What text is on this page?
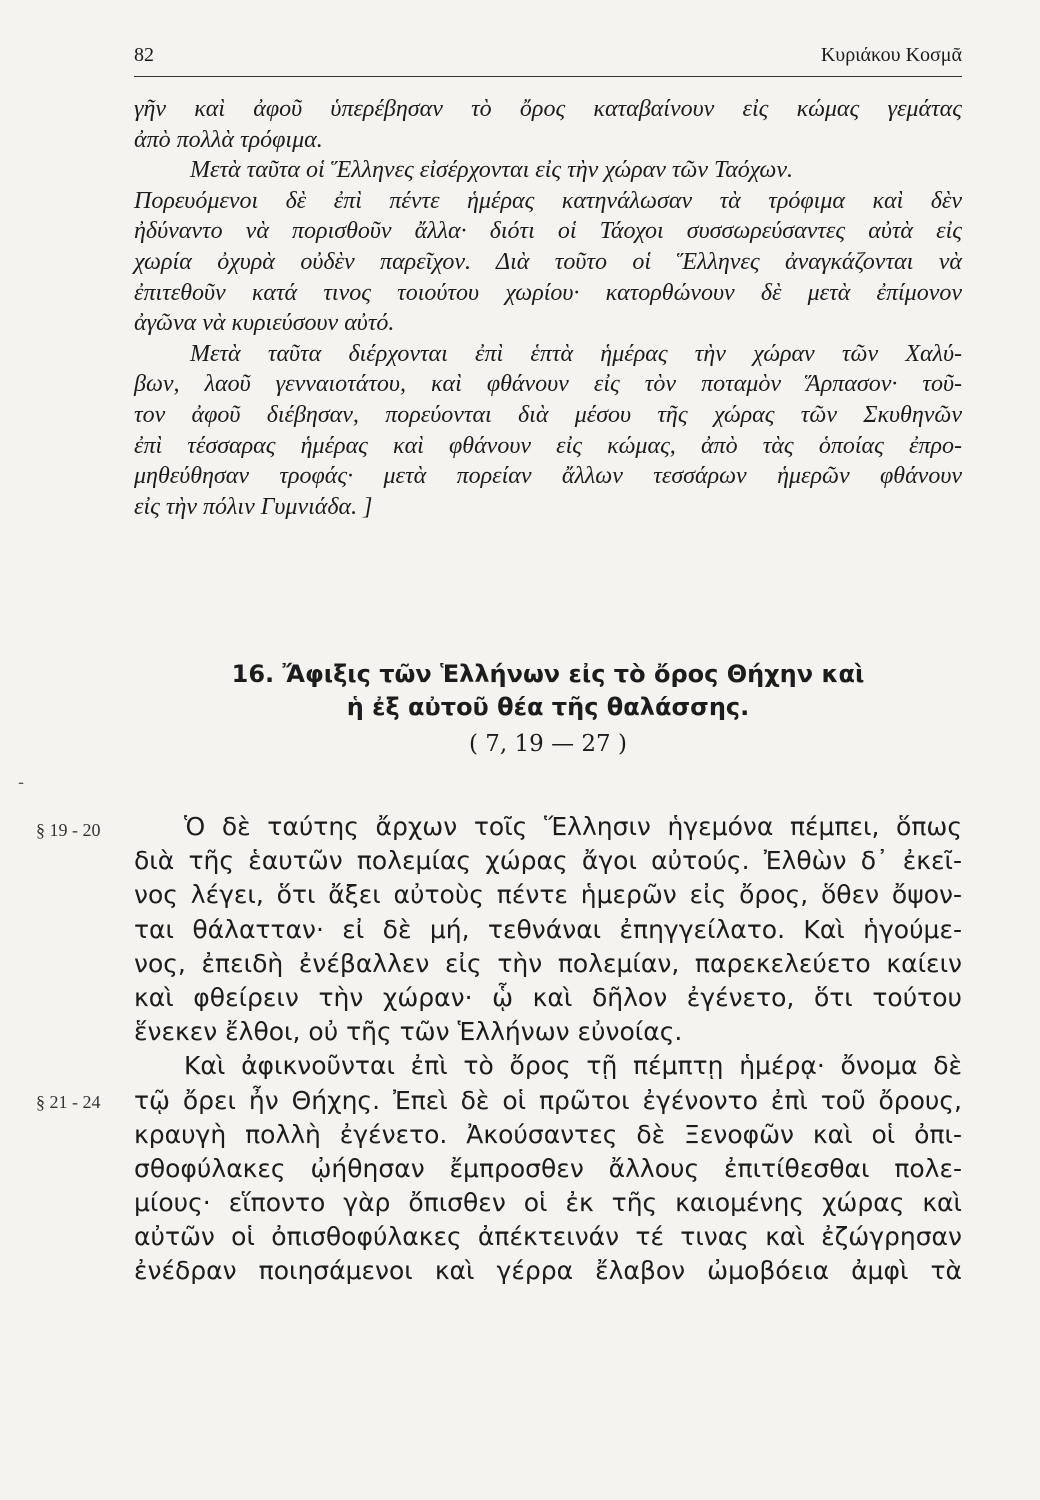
82	Κυριάκου Κοσμᾶ
γῆν καὶ ἀφοῦ ὑπερέβησαν τὸ ὄρος καταβαίνουν εἰς κώμας γεμάτας
ἀπὸ πολλὰ τρόφιμα.
Μετὰ ταῦτα οἱ Ἕλληνες εἰσέρχονται εἰς τὴν χώραν τῶν Ταόχων.
Πορευόμενοι δὲ ἐπὶ πέντε ἡμέρας κατηνάλωσαν τὰ τρόφιμα καὶ δὲν
ἠδύναντο νὰ πορισθοῦν ἄλλα· διότι οἱ Τάοχοι συσσωρεύσαντες αὐτὰ εἰς
χωρία ὀχυρὰ οὐδὲν παρεῖχον. Διὰ τοῦτο οἱ Ἕλληνες ἀναγκάζονται νὰ
ἐπιτεθοῦν κατά τινος τοιούτου χωρίου· κατορθώνουν δὲ μετὰ ἐπίμονον
ἀγῶνα νὰ κυριεύσουν αὐτό.
Μετὰ ταῦτα διέρχονται ἐπὶ ἑπτὰ ἡμέρας τὴν χώραν τῶν Χαλύ-
βων, λαοῦ γενναιοτάτου, καὶ φθάνουν εἰς τὸν ποταμὸν Ἅρπασον· τοῦ-
τον ἀφοῦ διέβησαν, πορεύονται διὰ μέσου τῆς χώρας τῶν Σκυθηνῶν
ἐπὶ τέσσαρας ἡμέρας καὶ φθάνουν εἰς κώμας, ἀπὸ τὰς ὁποίας ἐπρο-
μηθεύθησαν τροφάς· μετὰ πορείαν ἄλλων τεσσάρων ἡμερῶν φθάνουν
εἰς τὴν πόλιν Γυμνιάδα. ]
16. Ἄφιξις τῶν Ἑλλήνων εἰς τὸ ὄρος Θήχην καὶ
ἡ ἐξ αὐτοῦ θέα τῆς θαλάσσης.
( 7, 19 — 27 )
-
§ 19 - 20
§ 21 - 24
Ὁ δὲ ταύτης ἄρχων τοῖς Ἕλλησιν ἡγεμόνα πέμπει, ὅπως
διὰ τῆς ἑαυτῶν πολεμίας χώρας ἄγοι αὐτούς. Ἐλθὼν δ᾽ ἐκεῖ-
νος λέγει, ὅτι ἄξει αὐτοὺς πέντε ἡμερῶν εἰς ὄρος, ὅθεν ὄψον-
ται θάλατταν· εἰ δὲ μή, τεθνάναι ἐπηγγείλατο. Καὶ ἡγούμε-
νος, ἐπειδὴ ἐνέβαλλεν εἰς τὴν πολεμίαν, παρεκελεύετο καίειν
καὶ φθείρειν τὴν χώραν· ᾧ καὶ δῆλον ἐγένετο, ὅτι τούτου
ἕνεκεν ἔλθοι, οὐ τῆς τῶν Ἑλλήνων εὐνοίας.
Καὶ ἀφικνοῦνται ἐπὶ τὸ ὄρος τῇ πέμπτῃ ἡμέρᾳ· ὄνομα δὲ
τῷ ὄρει ἦν Θήχης. Ἐπεὶ δὲ οἱ πρῶτοι ἐγένοντο ἐπὶ τοῦ ὄρους,
κραυγὴ πολλὴ ἐγένετο. Ἀκούσαντες δὲ Ξενοφῶν καὶ οἱ ὀπι-
σθοφύλακες ᾠήθησαν ἔμπροσθεν ἄλλους ἐπιτίθεσθαι πολε-
μίους· εἵποντο γὰρ ὄπισθεν οἱ ἐκ τῆς καιομένης χώρας καὶ
αὐτῶν οἱ ὀπισθοφύλακες ἀπέκτεινάν τέ τινας καὶ ἐζώγρησαν
ἐνέδραν ποιησάμενοι καὶ γέρρα ἔλαβον ὠμοβόεια ἀμφὶ τὰ
